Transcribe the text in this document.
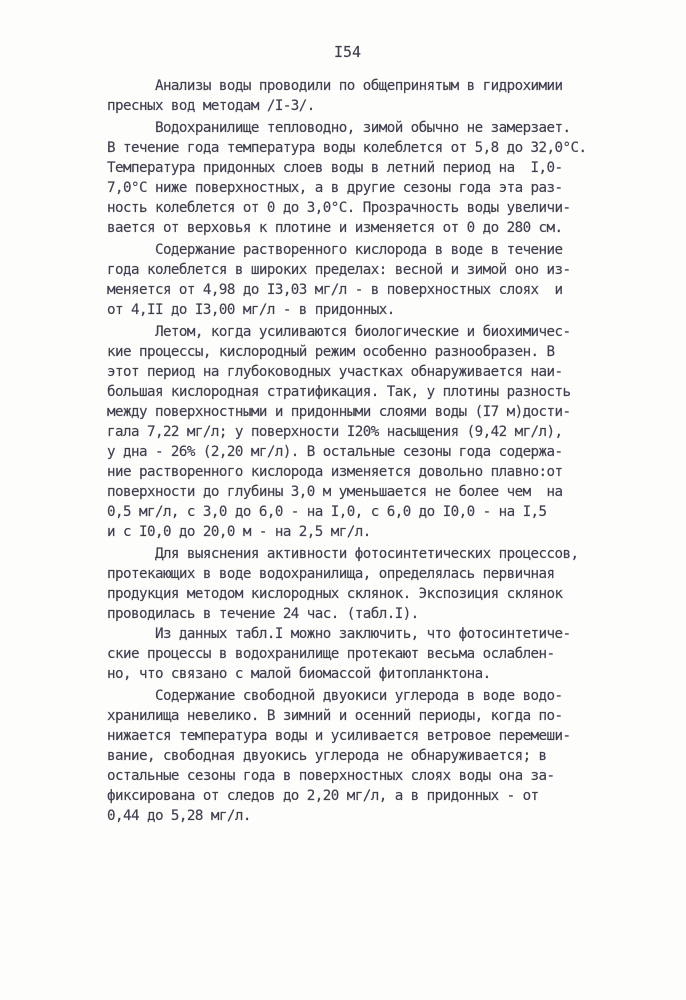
I54
Анализы воды проводили по общепринятым в гидрохимии
пресных вод методам /I-3/.
Водохранилище тепловодно, зимой обычно не замерзает.
В течение года температура воды колеблется от 5,8 до 32,0°С.
Температура придонных слоев воды в летний период на  I,0-
7,0°С ниже поверхностных, а в другие сезоны года эта раз-
ность колеблется от 0 до 3,0°С. Прозрачность воды увеличи-
вается от верховья к плотине и изменяется от 0 до 280 см.
Содержание растворенного кислорода в воде в течение
года колеблется в широких пределах: весной и зимой оно из-
меняется от 4,98 до I3,03 мг/л - в поверхностных слоях  и
от 4,II до I3,00 мг/л - в придонных.
Летом, когда усиливаются биологические и биохимичес-
кие процессы, кислородный режим особенно разнообразен. В
этот период на глубоководных участках обнаруживается наи-
большая кислородная стратификация. Так, у плотины разность
между поверхностными и придонными слоями воды (I7 м)дости-
гала 7,22 мг/л; у поверхности I20% насыщения (9,42 мг/л),
у дна - 26% (2,20 мг/л). В остальные сезоны года содержа-
ние растворенного кислорода изменяется довольно плавно:от
поверхности до глубины 3,0 м уменьшается не более чем  на
0,5 мг/л, с 3,0 до 6,0 - на I,0, с 6,0 до I0,0 - на I,5
и с I0,0 до 20,0 м - на 2,5 мг/л.
Для выяснения активности фотосинтетических процессов,
протекающих в воде водохранилища, определялась первичная
продукция методом кислородных склянок. Экспозиция склянок
проводилась в течение 24 час. (табл.I).
Из данных табл.I можно заключить, что фотосинтетиче-
ские процессы в водохранилище протекают весьма ослаблен-
но, что связано с малой биомассой фитопланктона.
Содержание свободной двуокиси углерода в воде водо-
хранилища невелико. В зимний и осенний периоды, когда по-
нижается температура воды и усиливается ветровое перемеши-
вание, свободная двуокись углерода не обнаруживается; в
остальные сезоны года в поверхностных слоях воды она за-
фиксирована от следов до 2,20 мг/л, а в придонных - от
0,44 до 5,28 мг/л.
